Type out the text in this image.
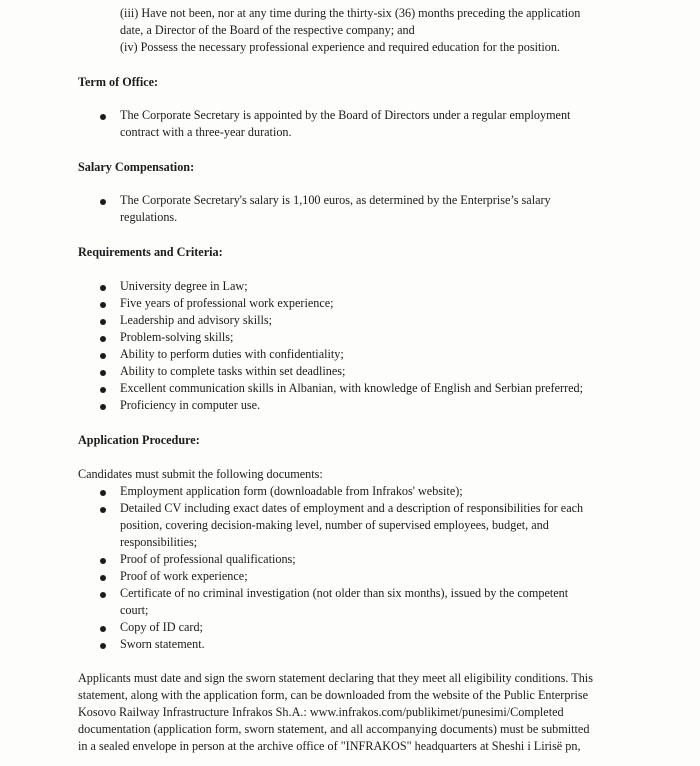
(iii) Have not been, nor at any time during the thirty-six (36) months preceding the application
date, a Director of the Board of the respective company; and
(iv) Possess the necessary professional experience and required education for the position.
Term of Office:
The Corporate Secretary is appointed by the Board of Directors under a regular employment
contract with a three-year duration.
Salary Compensation:
The Corporate Secretary's salary is 1,100 euros, as determined by the Enterprise’s salary
regulations.
Requirements and Criteria:
University degree in Law;
Five years of professional work experience;
Leadership and advisory skills;
Problem-solving skills;
Ability to perform duties with confidentiality;
Ability to complete tasks within set deadlines;
Excellent communication skills in Albanian, with knowledge of English and Serbian preferred;
Proficiency in computer use.
Application Procedure:
Candidates must submit the following documents:
Employment application form (downloadable from Infrakos' website);
Detailed CV including exact dates of employment and a description of responsibilities for each
position, covering decision-making level, number of supervised employees, budget, and
responsibilities;
Proof of professional qualifications;
Proof of work experience;
Certificate of no criminal investigation (not older than six months), issued by the competent
court;
Copy of ID card;
Sworn statement.
Applicants must date and sign the sworn statement declaring that they meet all eligibility conditions. This
statement, along with the application form, can be downloaded from the website of the Public Enterprise
Kosovo Railway Infrastructure Infrakos Sh.A.: www.infrakos.com/publikimet/punesimi/Completed
documentation (application form, sworn statement, and all accompanying documents) must be submitted
in a sealed envelope in person at the archive office of "INFRAKOS" headquarters at Sheshi i Lirisë pn,
